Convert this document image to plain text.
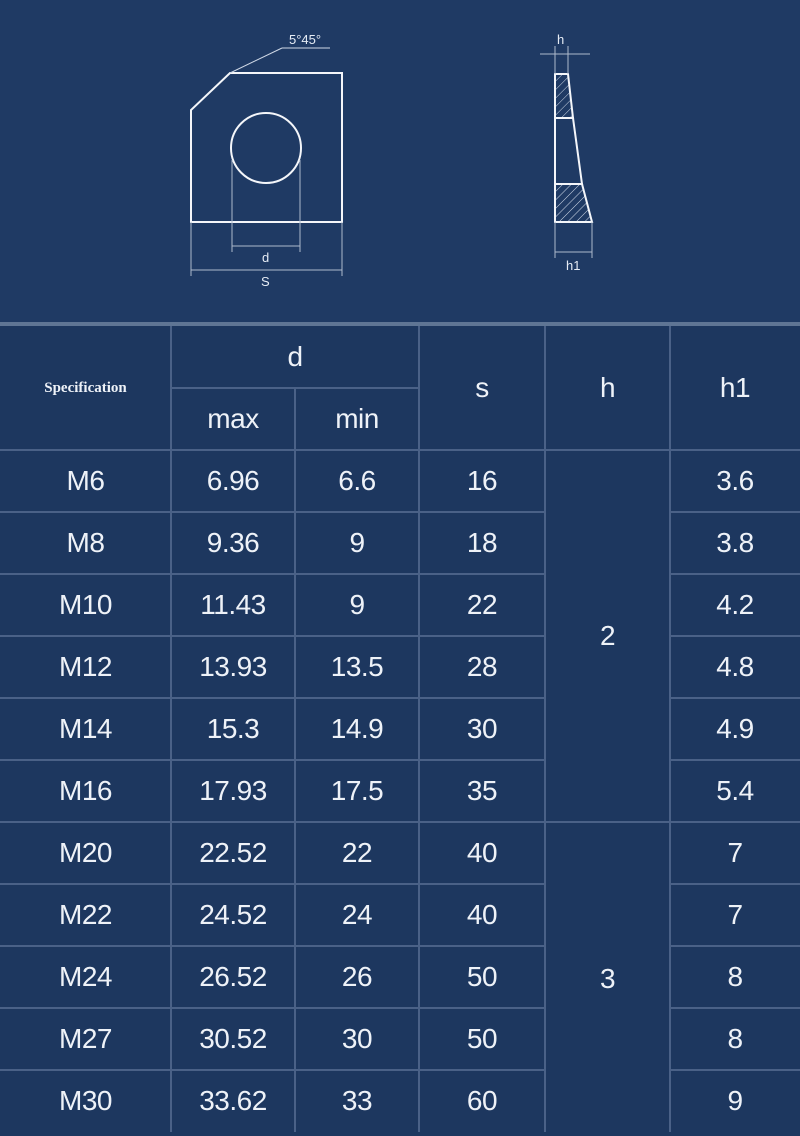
5°45°
d
S
h
h1
Specification
d
max	min
s	h	h1
2
3
M6	6.96	6.6	16	3.6
M8	9.36	9	18	3.8
M10	11.43	9	22	4.2
M12	13.93	13.5	28	4.8
M14	15.3	14.9	30	4.9
M16	17.93	17.5	35	5.4
M20	22.52	22	40	7
M22	24.52	24	40	7
M24	26.52	26	50	8
M27	30.52	30	50	8
M30	33.62	33	60	9
